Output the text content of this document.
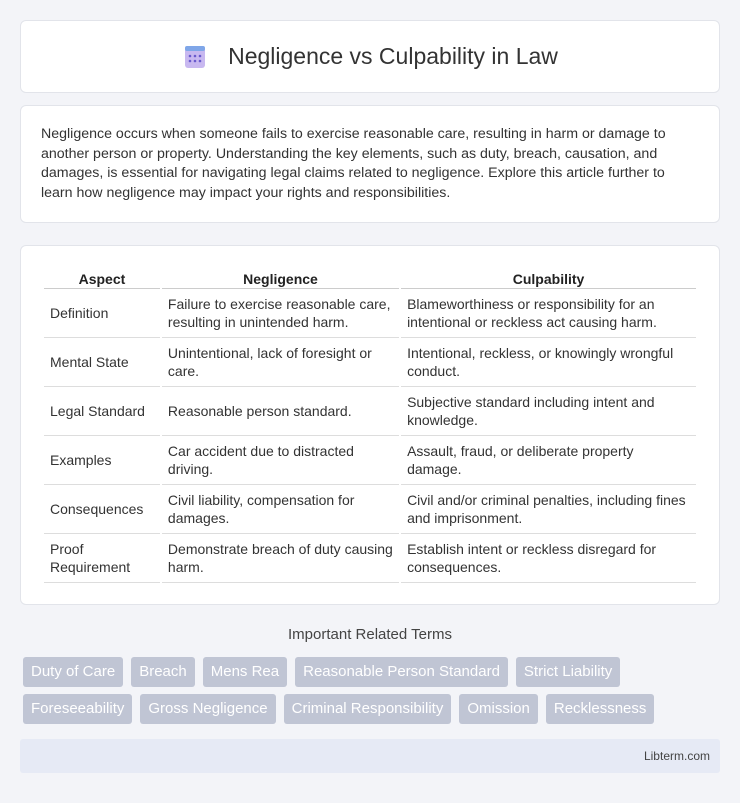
Negligence vs Culpability in Law
Negligence occurs when someone fails to exercise reasonable care, resulting in harm or damage to another person or property. Understanding the key elements, such as duty, breach, causation, and damages, is essential for navigating legal claims related to negligence. Explore this article further to learn how negligence may impact your rights and responsibilities.
Aspect	Negligence	Culpability
Definition	Failure to exercise reasonable care, resulting in unintended harm.	Blameworthiness or responsibility for an intentional or reckless act causing harm.
Mental State	Unintentional, lack of foresight or care.	Intentional, reckless, or knowingly wrongful conduct.
Legal Standard	Reasonable person standard.	Subjective standard including intent and knowledge.
Examples	Car accident due to distracted driving.	Assault, fraud, or deliberate property damage.
Consequences	Civil liability, compensation for damages.	Civil and/or criminal penalties, including fines and imprisonment.
Proof Requirement	Demonstrate breach of duty causing harm.	Establish intent or reckless disregard for consequences.
Important Related Terms
Duty of Care	Breach	Mens Rea	Reasonable Person Standard	Strict Liability
Foreseeability	Gross Negligence	Criminal Responsibility	Omission	Recklessness
Libterm.com
